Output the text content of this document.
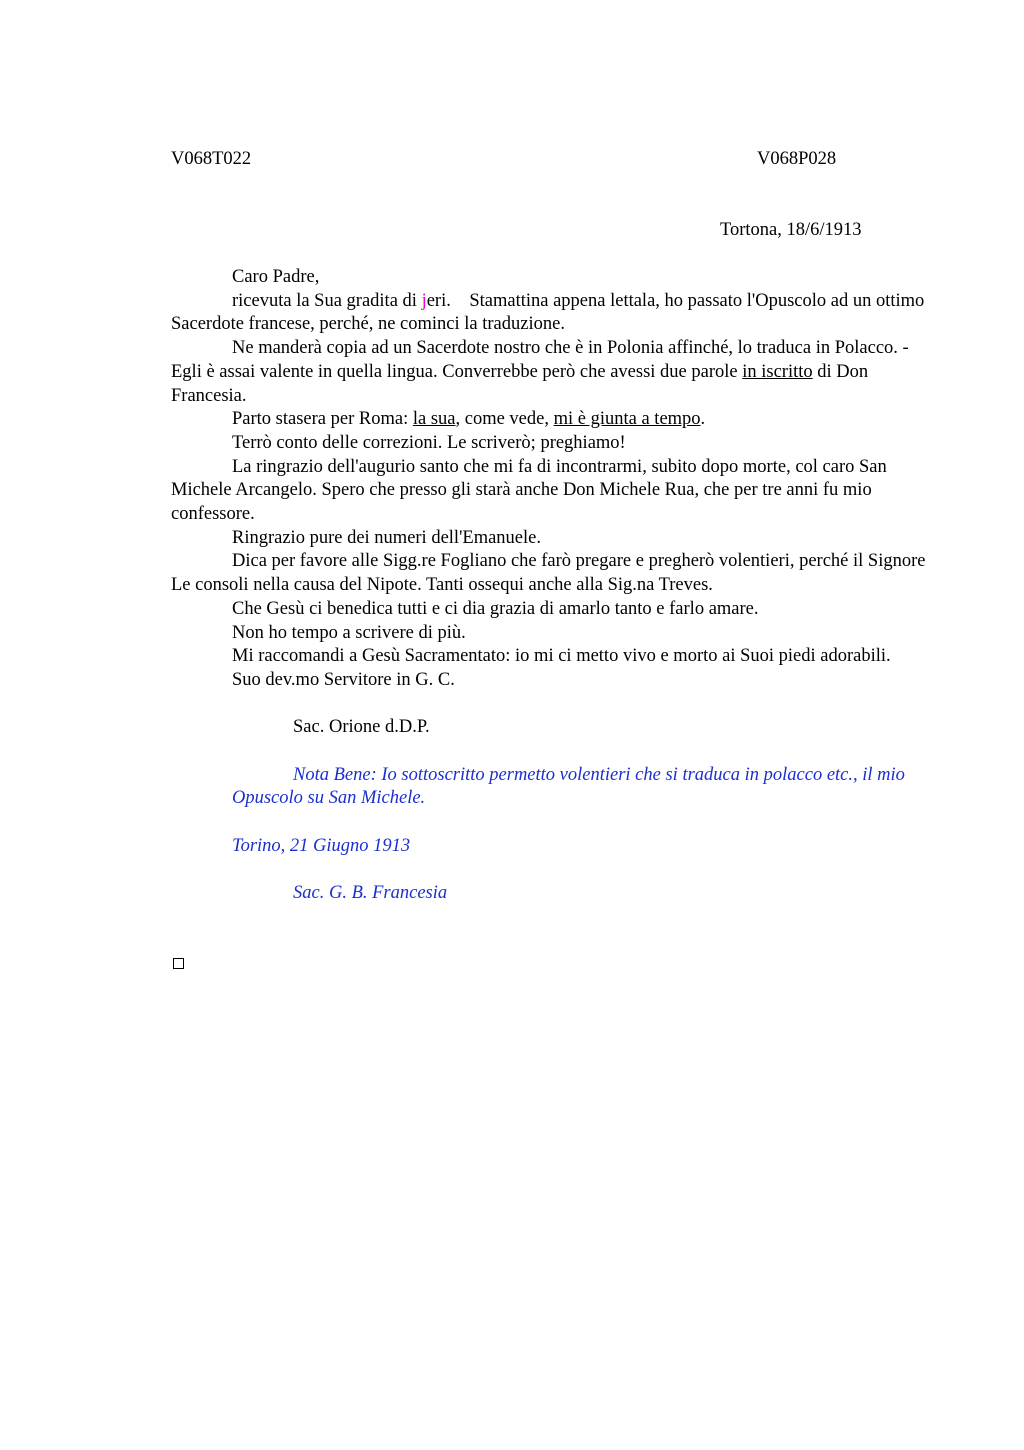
V068T022	V068P028
Tortona, 18/6/1913

Caro Padre,

ricevuta la Sua gradita di jeri.    Stamattina appena lettala, ho passato l'Opuscolo ad un ottimo  Sacerdote francese, perché, ne cominci la traduzione.

Ne manderà copia ad un Sacerdote nostro che è in Polonia affinché, lo traduca in Polacco. - Egli è assai valente in quella lingua. Converrebbe però che avessi due parole in iscritto di Don Francesia.

Parto stasera per Roma: la sua, come vede, mi è giunta a tempo.

Terrò conto delle correzioni. Le scriverò; preghiamo!

La ringrazio dell'augurio santo che mi fa di incontrarmi, subito dopo morte, col caro San Michele Arcangelo. Spero che presso gli starà anche Don Michele Rua, che per tre anni fu mio confessore.

Ringrazio pure dei numeri dell'Emanuele.

Dica per favore alle Sigg.re Fogliano che farò pregare e pregherò volentieri, perché il Signore Le consoli nella causa del Nipote. Tanti ossequi anche alla Sig.na Treves.

Che Gesù ci benedica tutti e ci dia grazia di amarlo tanto e farlo amare.

Non ho tempo a scrivere di più.

Mi raccomandi a Gesù Sacramentato: io mi ci metto vivo e morto ai Suoi piedi adorabili.

Suo dev.mo Servitore in G. C.

Sac. Orione d.D.P.

Nota Bene: Io sottoscritto permetto volentieri che si traduca in polacco etc., il mio Opuscolo su San Michele.

Torino, 21 Giugno 1913

Sac. G. B. Francesia
